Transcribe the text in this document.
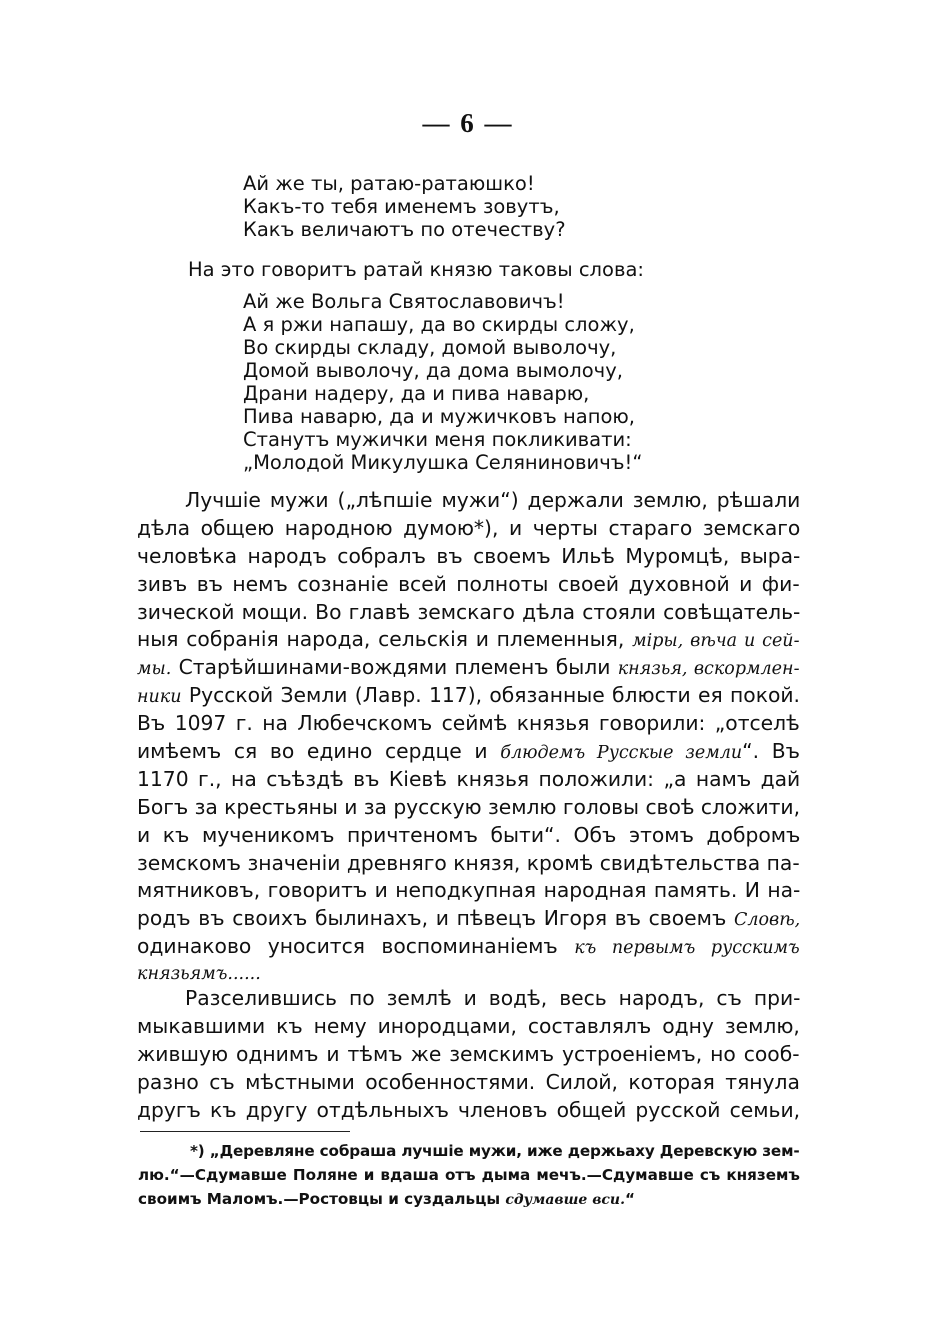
— 6 —
Ай же ты, ратаю-ратаюшко!
Какъ-то тебя именемъ зовутъ,
Какъ величаютъ по отечеству?
На это говоритъ ратай князю таковы слова:
Ай же Вольга Святославовичъ!
А я ржи напашу, да во скирды сложу,
Во скирды складу, домой выволочу,
Домой выволочу, да дома вымолочу,
Драни надеру, да и пива наварю,
Пива наварю, да и мужичковъ напою,
Станутъ мужички меня покликивати:
„Молодой Микулушка Селяниновичъ!“
Лучшіе мужи („лѣпшіе мужи“) держали землю, рѣшали
дѣла общею народною думою*), и черты стараго земскаго
человѣка народъ собралъ въ своемъ Ильѣ Муромцѣ, выра-
зивъ въ немъ сознаніе всей полноты своей духовной и фи-
зической мощи. Во главѣ земскаго дѣла стояли совѣщатель-
ныя собранія народа, сельскія и племенныя, міры, вѣча и сей-
мы. Старѣйшинами-вождями племенъ были князья, вскормлен-
ники Русской Земли (Лавр. 117), обязанные блюсти ея покой.
Въ 1097 г. на Любечскомъ сеймѣ князья говорили: „отселѣ
имѣемъ ся во едино сердце и блюдемъ Русскые земли“. Въ
1170 г., на съѣздѣ въ Кіевѣ князья положили: „а намъ дай
Богъ за крестьяны и за русскую землю головы своѣ сложити,
и къ мученикомъ причтеномъ быти“. Объ этомъ добромъ
земскомъ значеніи древняго князя, кромѣ свидѣтельства па-
мятниковъ, говоритъ и неподкупная народная память. И на-
родъ въ своихъ былинахъ, и пѣвецъ Игоря въ своемъ Словѣ,
одинаково уносится воспоминаніемъ къ первымъ русскимъ
князьямъ......
Разселившись по землѣ и водѣ, весь народъ, съ при-
мыкавшими къ нему инородцами, составлялъ одну землю,
жившую однимъ и тѣмъ же земскимъ устроеніемъ, но сооб-
разно съ мѣстными особенностями. Силой, которая тянула
другъ къ другу отдѣльныхъ членовъ общей русской семьи,
*) „Деревляне собраша лучшіе мужи, иже держьаху Деревскую зем-
лю.“—Сдумавше Поляне и вдаша отъ дыма мечъ.—Сдумавше съ княземъ
своимъ Маломъ.—Ростовцы и суздальцы сдумавше вси.“
